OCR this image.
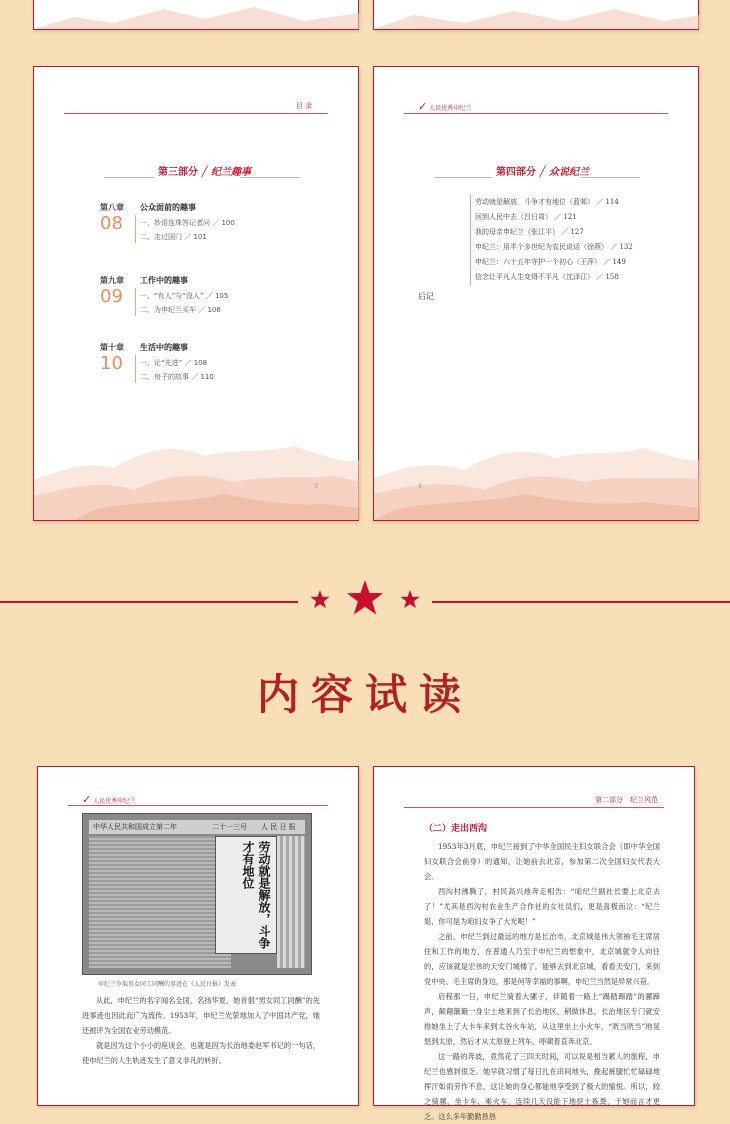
目 录
第三部分 ╱ 纪兰趣事
第八章
08
公众面前的趣事
一、妙语连珠答记者问 ／ 100
二、走过国门 ／ 101
第九章
09
工作中的趣事
一、“有人”与“没人” ／ 105
二、为申纪兰买车 ／ 106
第十章
10
生活中的趣事
一、论“先进” ／ 108
二、房子的故事 ／ 110
3
✓ 人民优秀申纪兰
第四部分 ╱ 众说纪兰
劳动就是解放　斗争才有地位（蓝邨） ／ 114
回到人民中去（吕日周） ／ 121
我的母亲申纪兰（张江平） ／ 127
申纪兰：用半个多世纪为农民说话（徐燕） ／ 132
申纪兰：六十五年守护一个初心（王萍） ／ 149
信念让平凡人生变得不平凡（沈泽江） ／ 158
后记
4
内容试读
✓ 人民优秀申纪兰
中华人民共和国成立第二年　　　　　二十一三号　　人 民 日 报
劳动就是解放，斗争才有地位
申纪兰争取男女同工同酬的事迹在《人民日报》发表

从此，申纪兰的名字闻名全国，名扬华夏，她首倡“男女同工同酬”的先进事迹也因此而广为流传。1953年，申纪兰光荣地加入了中国共产党，她还被评为全国农业劳动模范。

就是因为这个小小的座谈会，也就是因为长治地委赵军书记的一句话，使申纪兰的人生轨迹发生了意义非凡的转折。

第二部分　纪兰风范
（二）走出西沟

1953年3月底，申纪兰接到了中华全国民主妇女联合会（即中华全国妇女联合会前身）的通知，让她前去北京，参加第二次全国妇女代表大会。

西沟村沸腾了，村民高兴地奔走相告：“咱纪兰副社长要上北京去了！”尤其是西沟村农业生产合作社的女社员们，更是喜极而泣：“纪兰姐，你可是为咱妇女争了大光呢！”

之前，申纪兰到过最远的地方是长治市，北京城是伟大领袖毛主席居住和工作的地方，在普通人乃至于申纪兰的想象中，北京城就令人向往的，应该就是宏伟的天安门城楼了，能够去到北京城，看看天安门，来到党中央、毛主席的身边，那是何等幸福的事啊，申纪兰当然是异常兴奋。

启程那一日，申纪兰骑着大骡子，伴随着一路上“踢踏踢踏”的骡蹄声，颠颠簸簸一身尘土地来到了长治地区，稍做休息，长治地区专门就安排她坐上了大卡车来到太谷火车站，从这里坐上小火车，“咣当咣当”地晃悠到太原，然后才从太原登上列车，呼啸着直奔北京。

这一路的奔波，竟然花了三四天时间，可以说是相当累人的旅程，申纪兰也感到很乏。她早就习惯了每日扎在田间地头，挽起裤腿忙忙碌碌地挥汗如雨劳作不息，这让她的身心都能地享受到了极大的愉悦。所以，较之骑骡、坐卡车、乘火车，连续几天没能下地挖土拣粪，于她而言才更乏。这么多年勤勤恳恳
